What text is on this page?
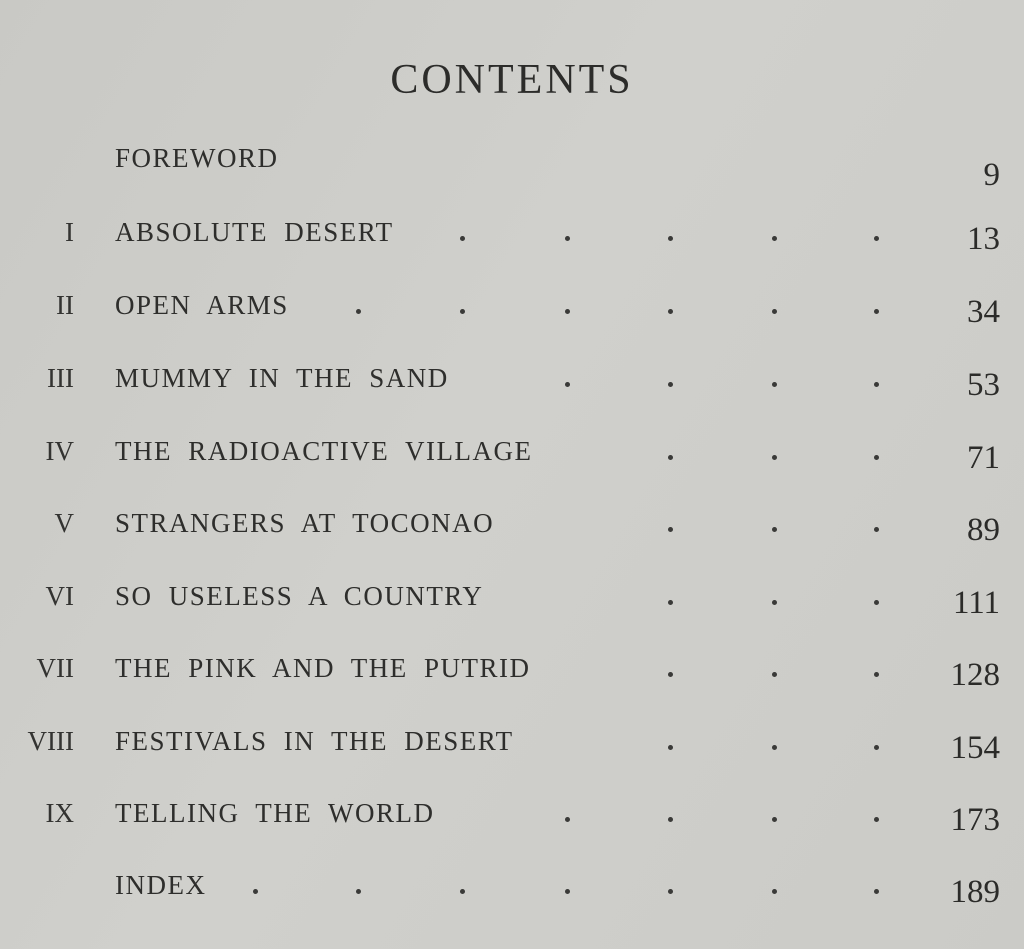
CONTENTS
FOREWORD	9
I ABSOLUTE DESERT	13
II OPEN ARMS	34
III MUMMY IN THE SAND	53
IV THE RADIOACTIVE VILLAGE	71
V STRANGERS AT TOCONAO	89
VI SO USELESS A COUNTRY	111
VII THE PINK AND THE PUTRID	128
VIII FESTIVALS IN THE DESERT	154
IX TELLING THE WORLD	173
INDEX	189
